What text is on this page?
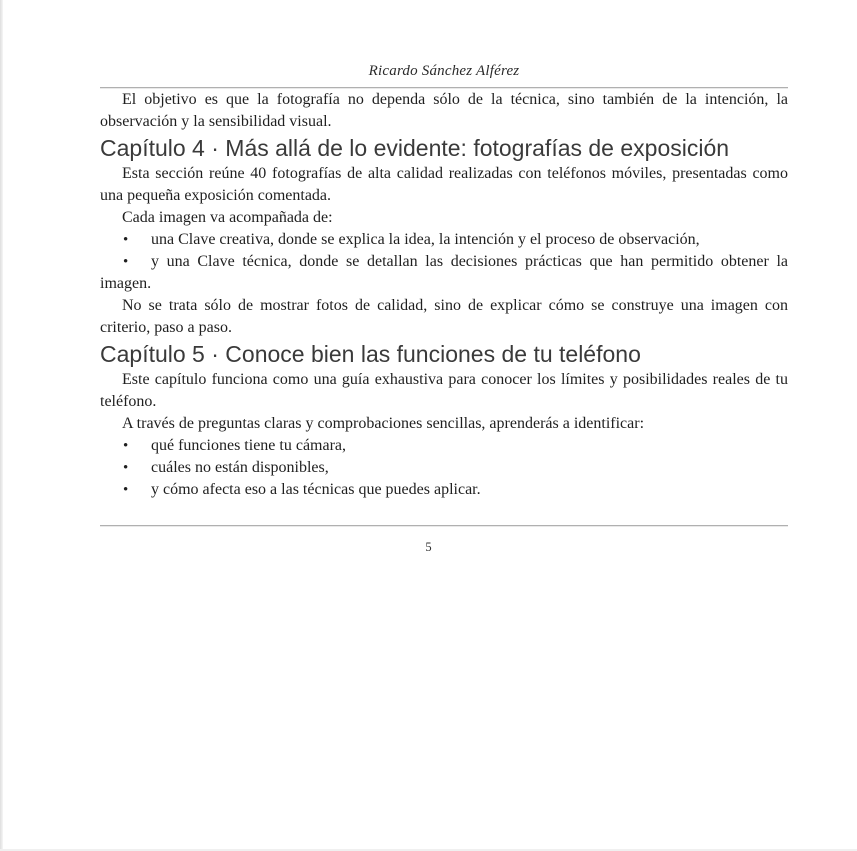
Ricardo Sánchez Alférez

El objetivo es que la fotografía no dependa sólo de la técnica, sino también de la intención, la observación y la sensibilidad visual.

Capítulo 4 · Más allá de lo evidente: fotografías de exposición

Esta sección reúne 40 fotografías de alta calidad realizadas con teléfonos móviles, presentadas como una pequeña exposición comentada.

Cada imagen va acompañada de:

• una Clave creativa, donde se explica la idea, la intención y el proceso de observación,

• y una Clave técnica, donde se detallan las decisiones prácticas que han permitido obtener la imagen.

No se trata sólo de mostrar fotos de calidad, sino de explicar cómo se construye una imagen con criterio, paso a paso.

Capítulo 5 · Conoce bien las funciones de tu teléfono

Este capítulo funciona como una guía exhaustiva para conocer los límites y posibilidades reales de tu teléfono.

A través de preguntas claras y comprobaciones sencillas, aprenderás a identificar:

• qué funciones tiene tu cámara,

• cuáles no están disponibles,

• y cómo afecta eso a las técnicas que puedes aplicar.

5
